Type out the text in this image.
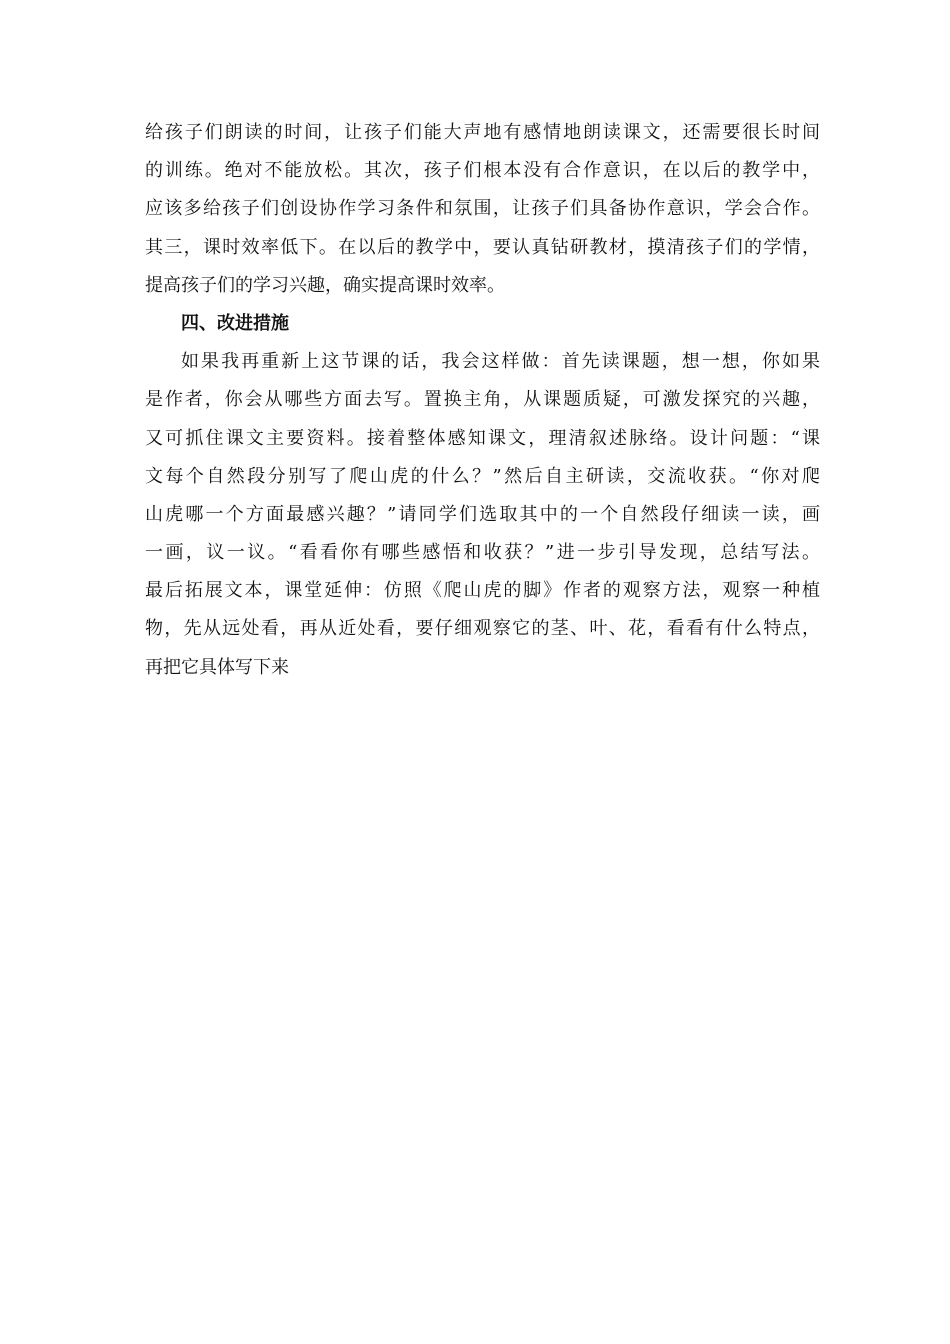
给孩子们朗读的时间，让孩子们能大声地有感情地朗读课文，还需要很长时间
的训练。绝对不能放松。其次，孩子们根本没有合作意识，在以后的教学中，
应该多给孩子们创设协作学习条件和氛围，让孩子们具备协作意识，学会合作。
其三，课时效率低下。在以后的教学中，要认真钻研教材，摸清孩子们的学情，
提高孩子们的学习兴趣，确实提高课时效率。
四、改进措施
如果我再重新上这节课的话，我会这样做：首先读课题，想一想，你如果
是作者，你会从哪些方面去写。置换主角，从课题质疑，可激发探究的兴趣，
又可抓住课文主要资料。接着整体感知课文，理清叙述脉络。设计问题：“课
文每个自然段分别写了爬山虎的什么？”然后自主研读，交流收获。“你对爬
山虎哪一个方面最感兴趣？”请同学们选取其中的一个自然段仔细读一读，画
一画，议一议。“看看你有哪些感悟和收获？”进一步引导发现，总结写法。
最后拓展文本，课堂延伸：仿照《爬山虎的脚》作者的观察方法，观察一种植
物，先从远处看，再从近处看，要仔细观察它的茎、叶、花，看看有什么特点，
再把它具体写下来
